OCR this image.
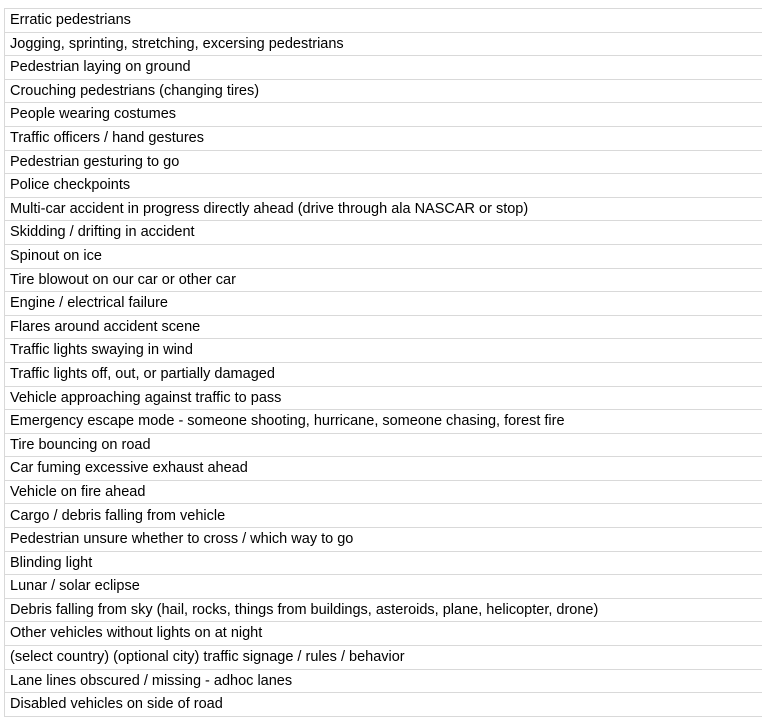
Erratic pedestrians
Jogging, sprinting, stretching, excersing pedestrians
Pedestrian laying on ground
Crouching pedestrians (changing tires)
People wearing costumes
Traffic officers / hand gestures
Pedestrian gesturing to go
Police checkpoints
Multi-car accident in progress directly ahead (drive through ala NASCAR or stop)
Skidding / drifting in accident
Spinout on ice
Tire blowout on our car or other car
Engine / electrical failure
Flares around accident scene
Traffic lights swaying in wind
Traffic lights off, out, or partially damaged
Vehicle approaching against traffic to pass
Emergency escape mode - someone shooting, hurricane, someone chasing, forest fire
Tire bouncing on road
Car fuming excessive exhaust ahead
Vehicle on fire ahead
Cargo / debris falling from vehicle
Pedestrian unsure whether to cross / which way to go
Blinding light
Lunar / solar eclipse
Debris falling from sky (hail, rocks, things from buildings, asteroids, plane, helicopter, drone)
Other vehicles without lights on at night
(select country) (optional city) traffic signage / rules / behavior
Lane lines obscured / missing - adhoc lanes
Disabled vehicles on side of road
